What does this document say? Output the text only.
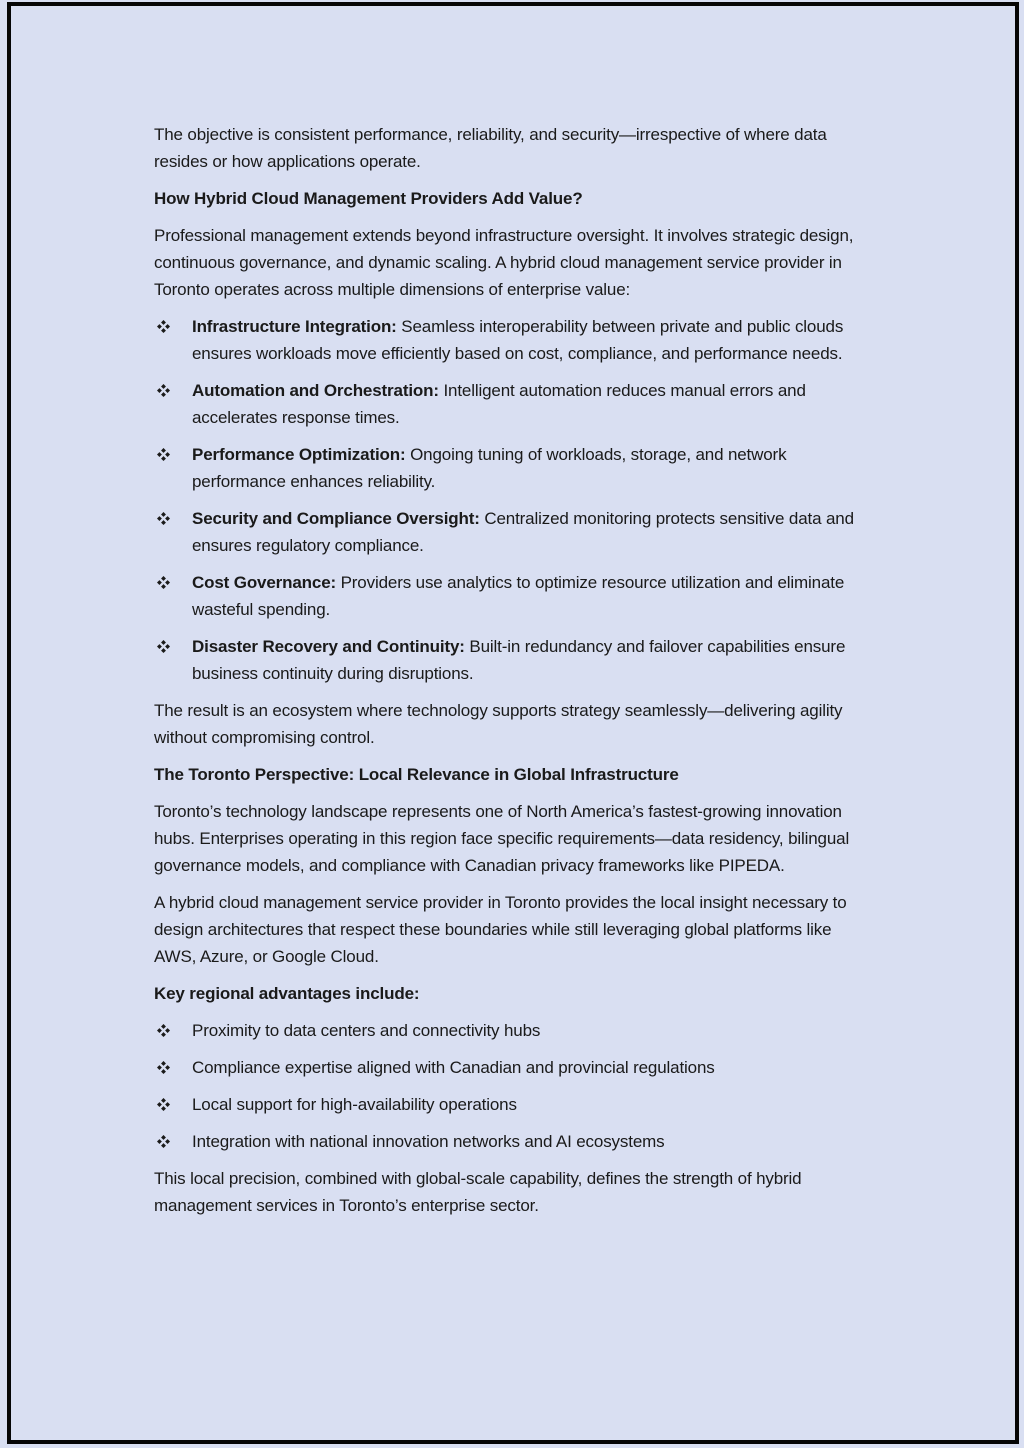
The objective is consistent performance, reliability, and security—irrespective of where data resides or how applications operate.

How Hybrid Cloud Management Providers Add Value?

Professional management extends beyond infrastructure oversight. It involves strategic design, continuous governance, and dynamic scaling. A hybrid cloud management service provider in Toronto operates across multiple dimensions of enterprise value:

Infrastructure Integration: Seamless interoperability between private and public clouds ensures workloads move efficiently based on cost, compliance, and performance needs.
Automation and Orchestration: Intelligent automation reduces manual errors and accelerates response times.
Performance Optimization: Ongoing tuning of workloads, storage, and network performance enhances reliability.
Security and Compliance Oversight: Centralized monitoring protects sensitive data and ensures regulatory compliance.
Cost Governance: Providers use analytics to optimize resource utilization and eliminate wasteful spending.
Disaster Recovery and Continuity: Built-in redundancy and failover capabilities ensure business continuity during disruptions.

The result is an ecosystem where technology supports strategy seamlessly—delivering agility without compromising control.

The Toronto Perspective: Local Relevance in Global Infrastructure

Toronto’s technology landscape represents one of North America’s fastest-growing innovation hubs. Enterprises operating in this region face specific requirements—data residency, bilingual governance models, and compliance with Canadian privacy frameworks like PIPEDA.

A hybrid cloud management service provider in Toronto provides the local insight necessary to design architectures that respect these boundaries while still leveraging global platforms like AWS, Azure, or Google Cloud.

Key regional advantages include:

Proximity to data centers and connectivity hubs
Compliance expertise aligned with Canadian and provincial regulations
Local support for high-availability operations
Integration with national innovation networks and AI ecosystems

This local precision, combined with global-scale capability, defines the strength of hybrid management services in Toronto’s enterprise sector.
